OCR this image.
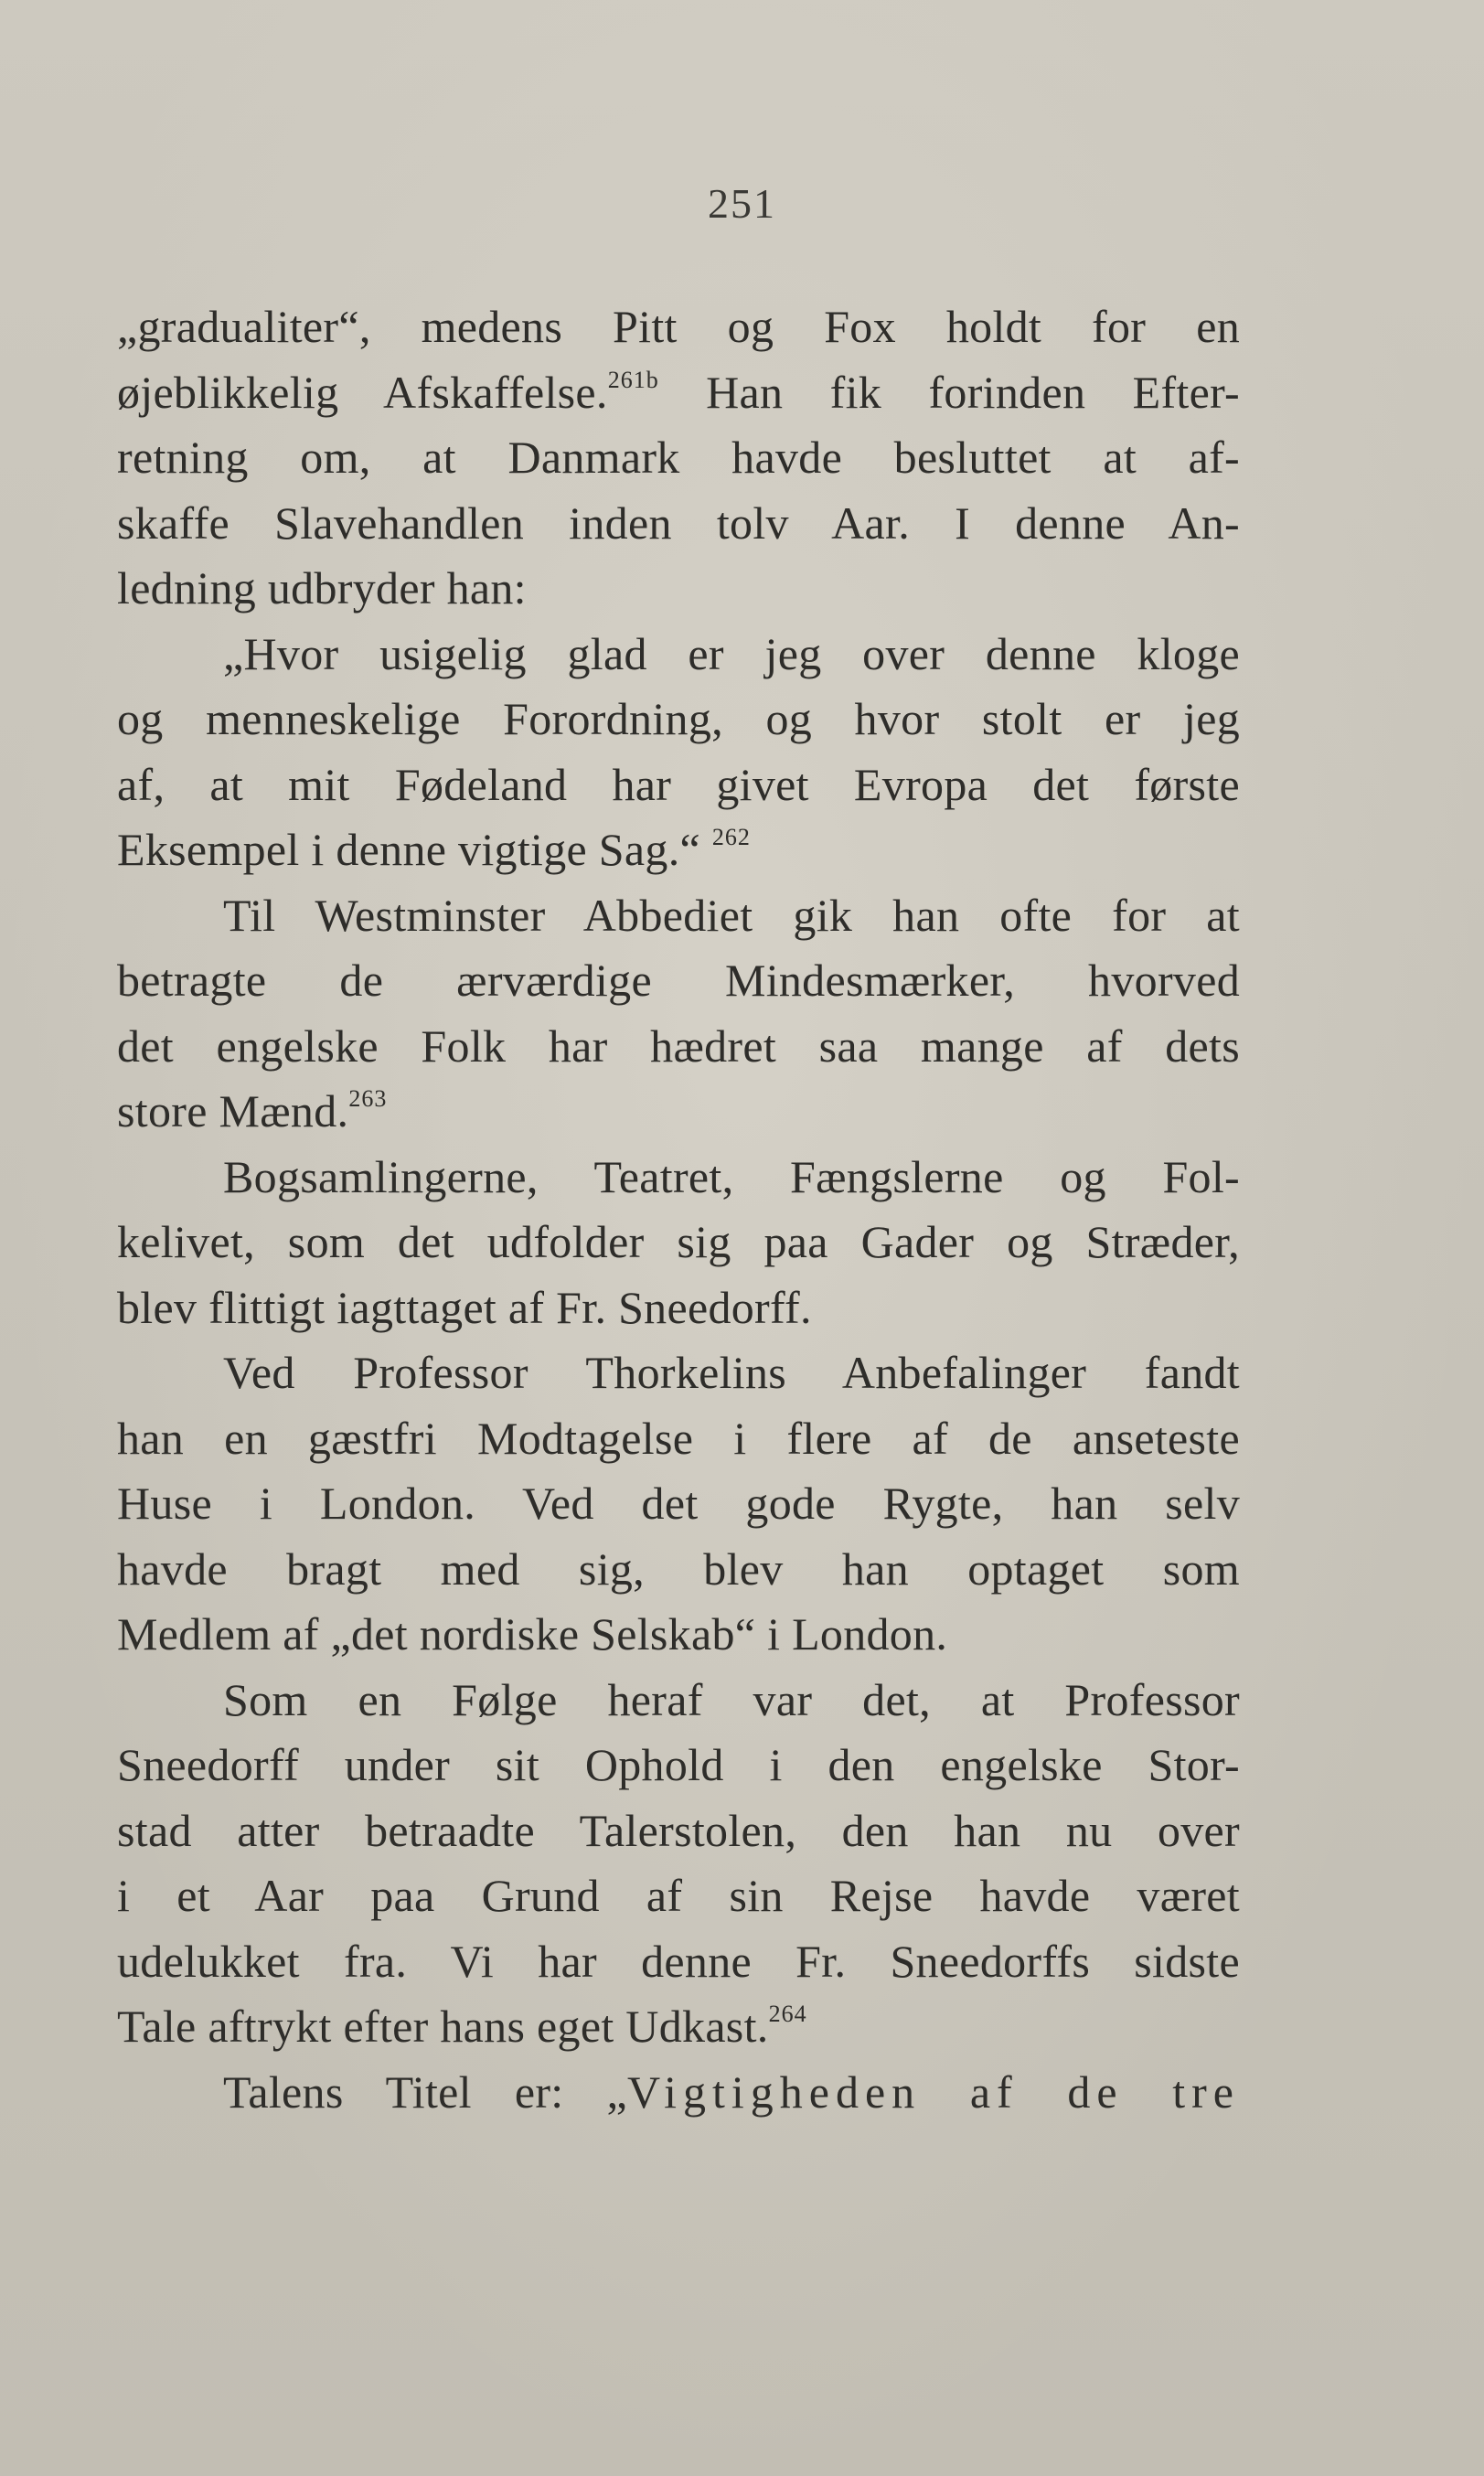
251
„gradualiter“, medens Pitt og Fox holdt for en
øjeblikkelig Afskaffelse.$^{261b}$ Han fik forinden Efter-
retning om, at Danmark havde besluttet at af-
skaffe Slavehandlen inden tolv Aar. I denne An-
ledning udbryder han:
„Hvor usigelig glad er jeg over denne kloge
og menneskelige Forordning, og hvor stolt er jeg
af, at mit Fødeland har givet Evropa det første
Eksempel i denne vigtige Sag.“ $^{262}$
Til Westminster Abbediet gik han ofte for at
betragte de ærværdige Mindesmærker, hvorved
det engelske Folk har hædret saa mange af dets
store Mænd.$^{263}$
Bogsamlingerne, Teatret, Fængslerne og Fol-
kelivet, som det udfolder sig paa Gader og Stræder,
blev flittigt iagttaget af Fr. Sneedorff.
Ved Professor Thorkelins Anbefalinger fandt
han en gæstfri Modtagelse i flere af de anseteste
Huse i London. Ved det gode Rygte, han selv
havde bragt med sig, blev han optaget som
Medlem af „det nordiske Selskab“ i London.
Som en Følge heraf var det, at Professor
Sneedorff under sit Ophold i den engelske Stor-
stad atter betraadte Talerstolen, den han nu over
i et Aar paa Grund af sin Rejse havde været
udelukket fra. Vi har denne Fr. Sneedorffs sidste
Tale aftrykt efter hans eget Udkast.$^{264}$
Talens Titel er: „Vigtigheden af de tre
